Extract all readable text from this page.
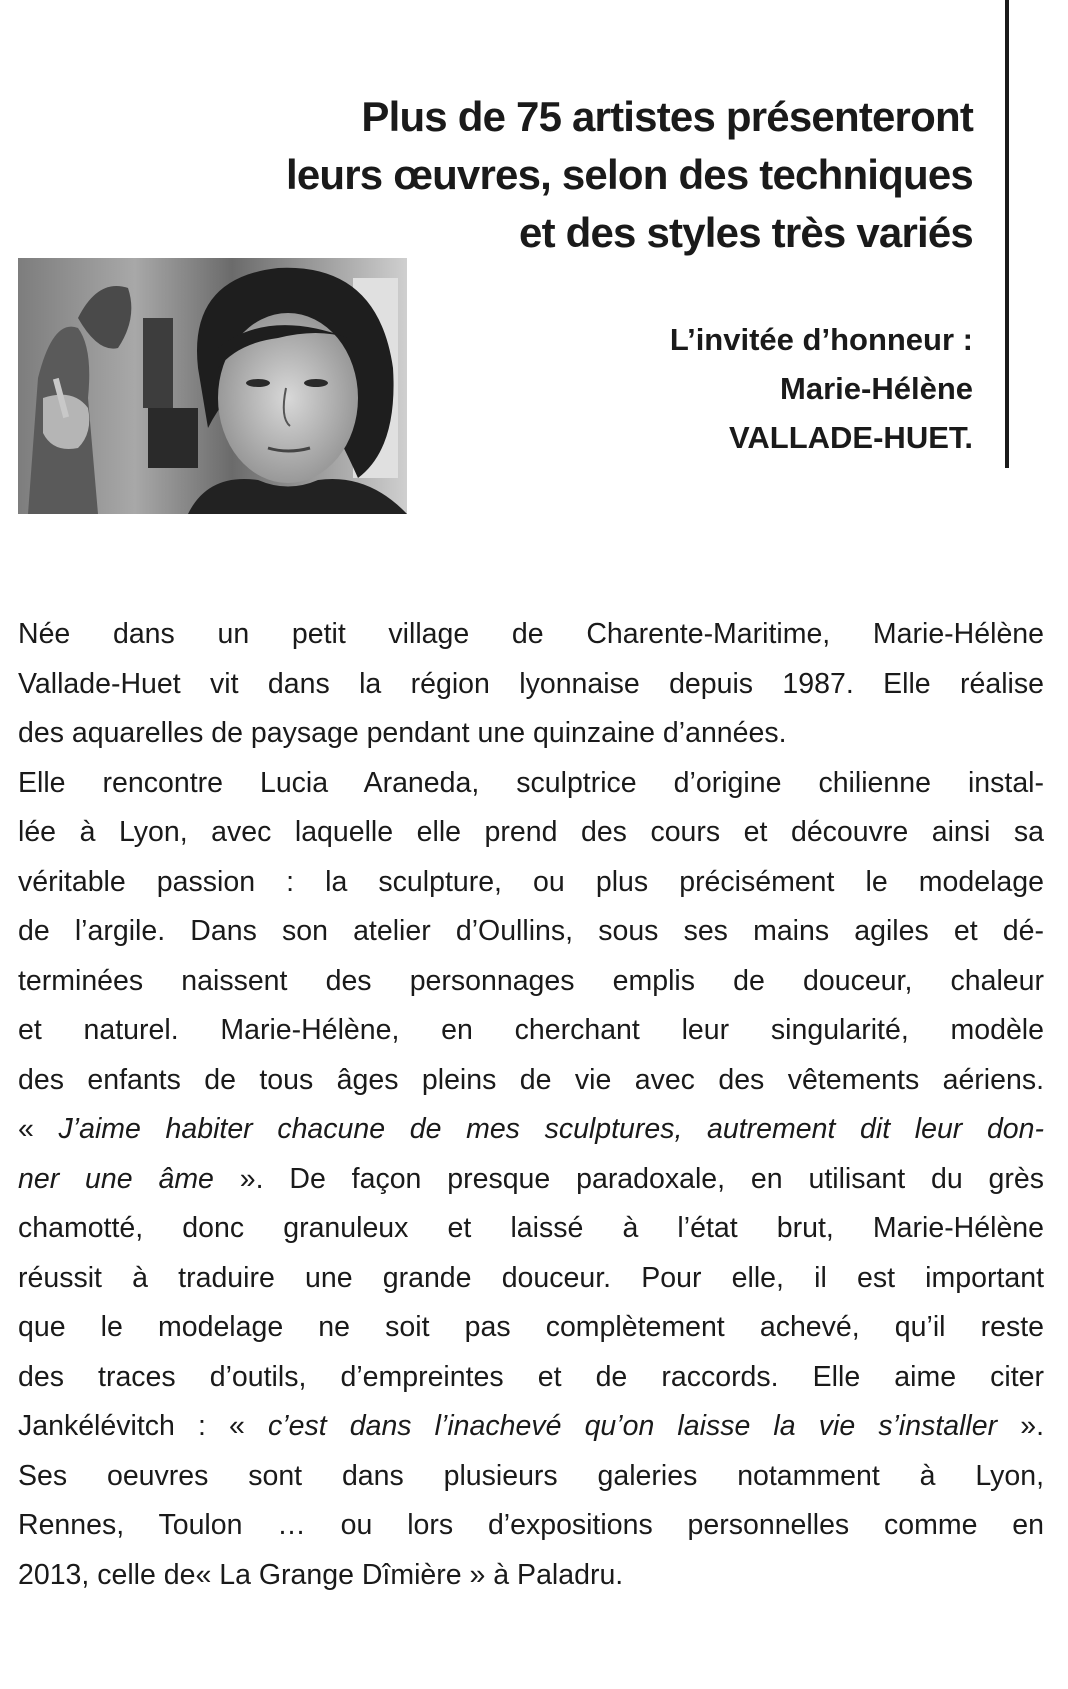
Plus de 75 artistes présenteront
leurs œuvres, selon des techniques
et des styles très variés
L’invitée d’honneur :
Marie-Hélène
VALLADE-HUET.

Née dans un petit village de Charente-Maritime, Marie-Hélène
Vallade-Huet vit dans la région lyonnaise depuis 1987. Elle réalise
des aquarelles de paysage pendant une quinzaine d’années.
Elle rencontre Lucia Araneda, sculptrice d’origine chilienne instal-
lée à Lyon, avec laquelle elle prend des cours et découvre ainsi sa
véritable passion : la sculpture, ou plus précisément le modelage
de l’argile. Dans son atelier d’Oullins, sous ses mains agiles et dé-
terminées naissent des personnages emplis de douceur, chaleur
et naturel. Marie-Hélène, en cherchant leur singularité, modèle
des enfants de tous âges pleins de vie avec des vêtements aériens.
« J’aime habiter chacune de mes sculptures, autrement dit leur don-
ner une âme ». De façon presque paradoxale, en utilisant du grès
chamotté, donc granuleux et laissé à l’état brut, Marie-Hélène
réussit à traduire une grande douceur. Pour elle, il est important
que le modelage ne soit pas complètement achevé, qu’il reste
des traces d’outils, d’empreintes et de raccords. Elle aime citer
Jankélévitch : « c’est dans l’inachevé qu’on laisse la vie s’installer ».
Ses oeuvres sont dans plusieurs galeries notamment à Lyon,
Rennes, Toulon … ou lors d’expositions personnelles comme en
2013, celle de« La Grange Dîmière » à Paladru.
